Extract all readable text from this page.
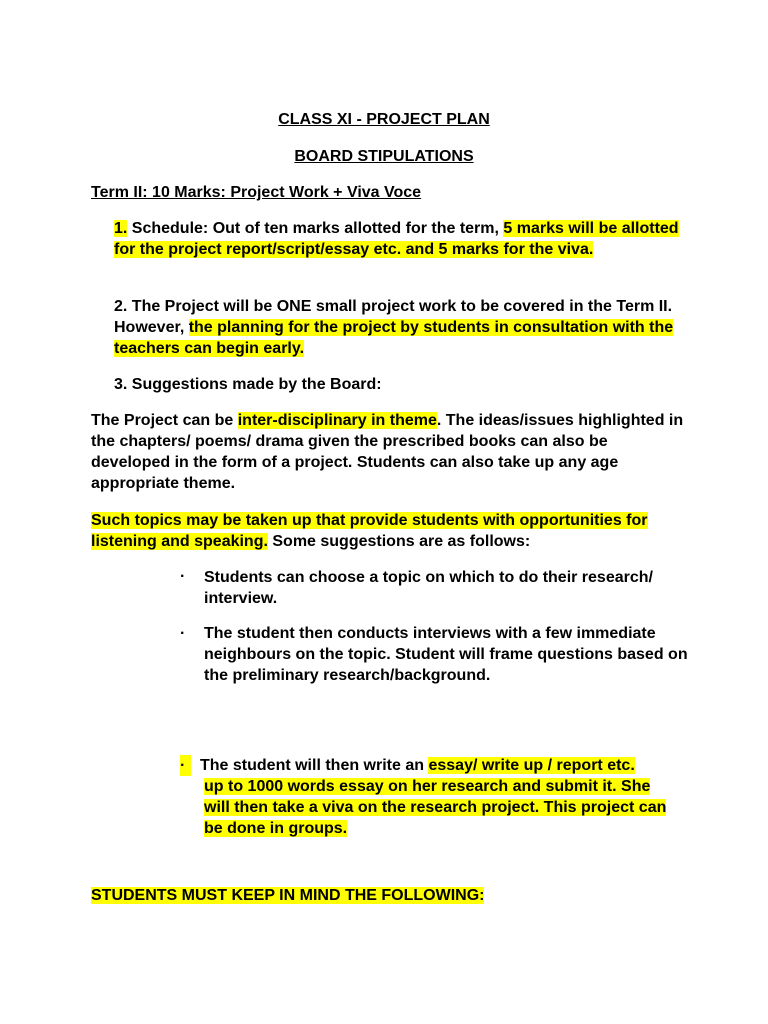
CLASS XI - PROJECT PLAN
BOARD STIPULATIONS
Term II: 10 Marks: Project Work + Viva Voce

1. Schedule: Out of ten marks allotted for the term, 5 marks will be allotted for the project report/script/essay etc. and 5 marks for the viva.

2. The Project will be ONE small project work to be covered in the Term II. However, the planning for the project by students in consultation with the teachers can begin early.

3. Suggestions made by the Board:

The Project can be inter-disciplinary in theme. The ideas/issues highlighted in the chapters/ poems/ drama given the prescribed books can also be developed in the form of a project. Students can also take up any age appropriate theme.

Such topics may be taken up that provide students with opportunities for listening and speaking. Some suggestions are as follows:

· Students can choose a topic on which to do their research/ interview.

· The student then conducts interviews with a few immediate neighbours on the topic. Student will frame questions based on the preliminary research/background.

· The student will then write an essay/ write up / report etc.

up to 1000 words essay on her research and submit it. She will then take a viva on the research project. This project can be done in groups.

STUDENTS MUST KEEP IN MIND THE FOLLOWING:
